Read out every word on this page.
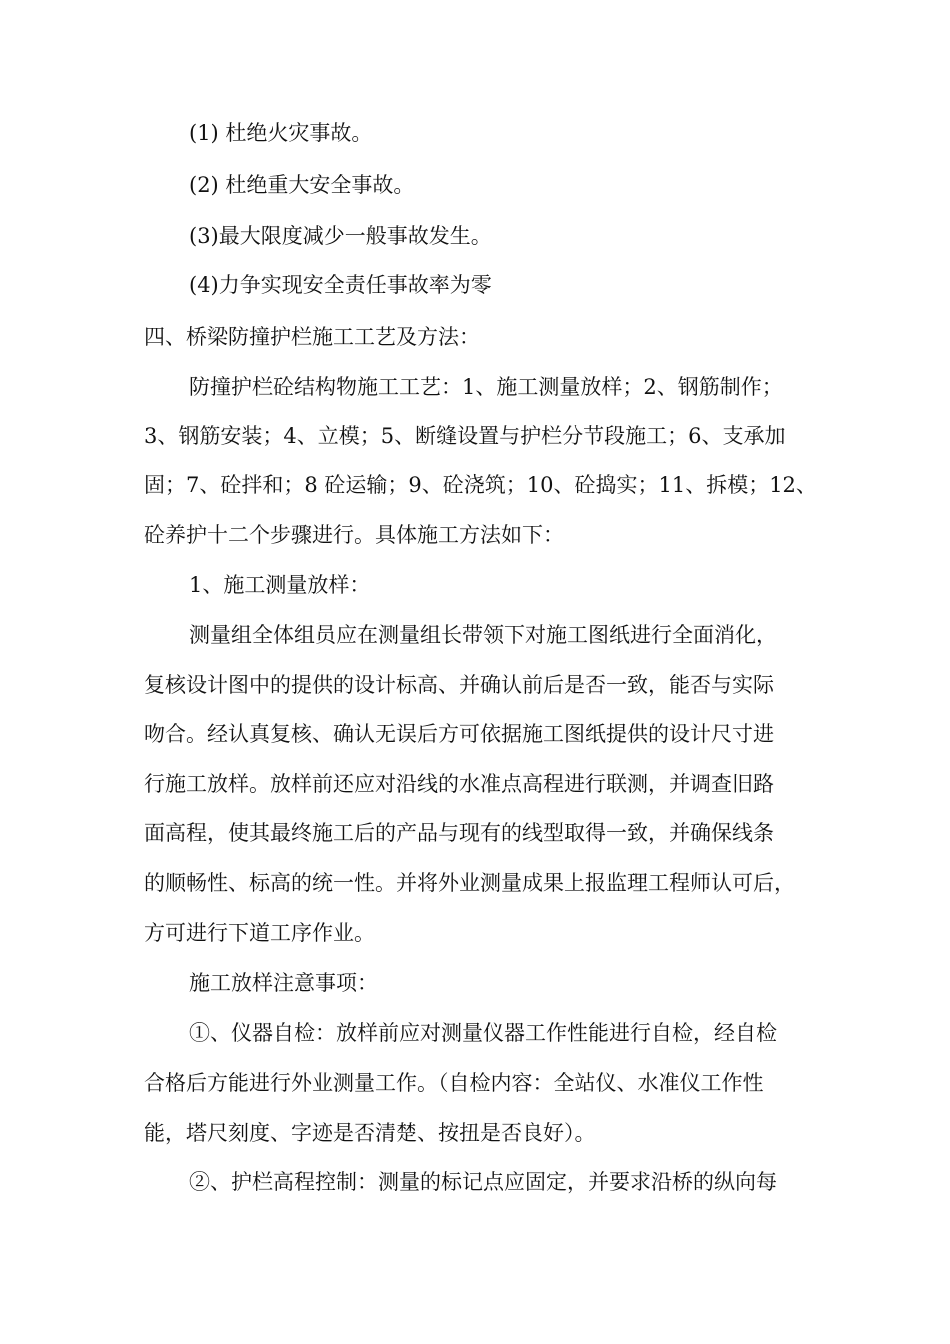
(1) 杜绝火灾事故。
(2) 杜绝重大安全事故。
(3)最大限度减少一般事故发生。
(4)力争实现安全责任事故率为零
四、桥梁防撞护栏施工工艺及方法：
防撞护栏砼结构物施工工艺：1、施工测量放样；2、钢筋制作；
3、钢筋安装；4、立模；5、断缝设置与护栏分节段施工；6、支承加
固；7、砼拌和；8 砼运输；9、砼浇筑；10、砼捣实；11、拆模；12、
砼养护十二个步骤进行。具体施工方法如下：
1、施工测量放样：
测量组全体组员应在测量组长带领下对施工图纸进行全面消化，
复核设计图中的提供的设计标高、并确认前后是否一致，能否与实际
吻合。经认真复核、确认无误后方可依据施工图纸提供的设计尺寸进
行施工放样。放样前还应对沿线的水准点高程进行联测，并调查旧路
面高程，使其最终施工后的产品与现有的线型取得一致，并确保线条
的顺畅性、标高的统一性。并将外业测量成果上报监理工程师认可后，
方可进行下道工序作业。
施工放样注意事项：
①、仪器自检：放样前应对测量仪器工作性能进行自检，经自检
合格后方能进行外业测量工作。（自检内容：全站仪、水准仪工作性
能，塔尺刻度、字迹是否清楚、按扭是否良好）。
②、护栏高程控制：测量的标记点应固定，并要求沿桥的纵向每
